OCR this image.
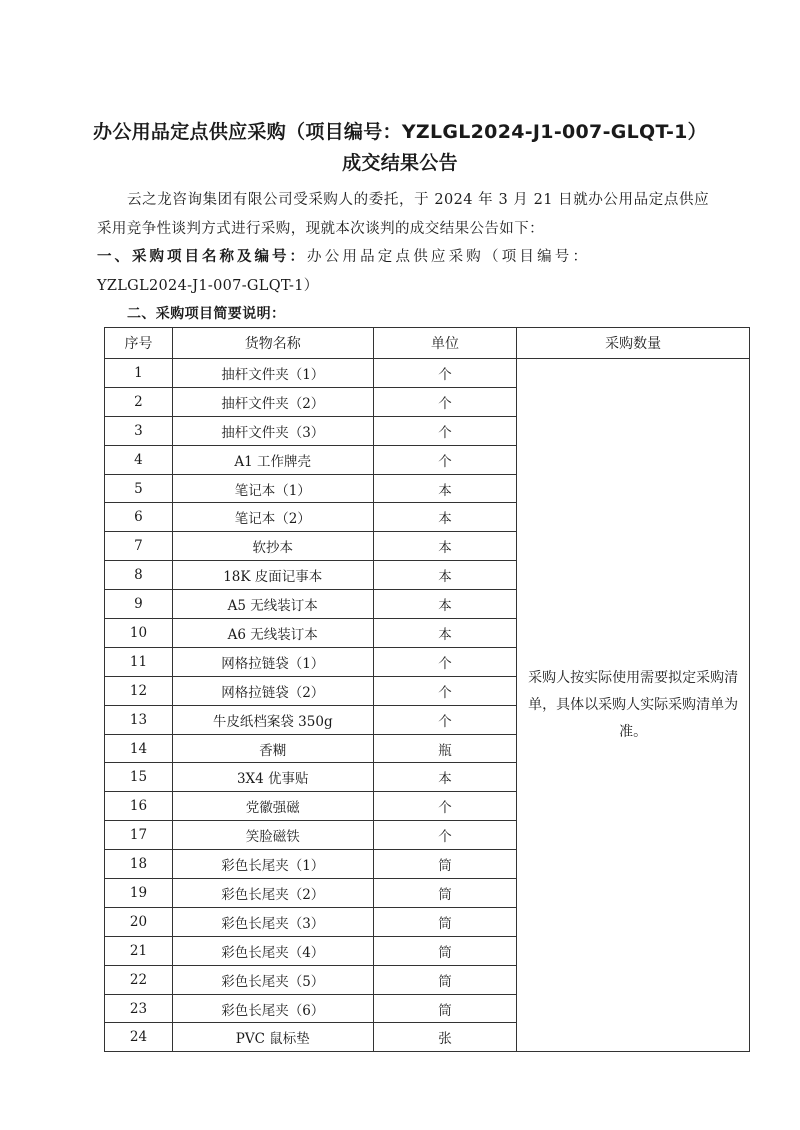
办公用品定点供应采购（项目编号：YZLGL2024-J1-007-GLQT-1）
成交结果公告

云之龙咨询集团有限公司受采购人的委托，于 2024 年 3 月 21 日就办公用品定点供应采用竞争性谈判方式进行采购，现就本次谈判的成交结果公告如下：

一、采购项目名称及编号：办公用品定点供应采购（项目编号：
YZLGL2024-J1-007-GLQT-1）

二、采购项目简要说明：

序号	货物名称	单位	采购数量
1	抽杆文件夹（1）	个	采购人按实际使用需要拟定采购清单，具体以采购人实际采购清单为准。
2	抽杆文件夹（2）	个	
3	抽杆文件夹（3）	个	
4	A1 工作牌壳	个	
5	笔记本（1）	本	
6	笔记本（2）	本	
7	软抄本	本	
8	18K 皮面记事本	本	
9	A5 无线装订本	本	
10	A6 无线装订本	本	
11	网格拉链袋（1）	个	
12	网格拉链袋（2）	个	
13	牛皮纸档案袋 350g	个	
14	香糊	瓶	
15	3X4 优事贴	本	
16	党徽强磁	个	
17	笑脸磁铁	个	
18	彩色长尾夹（1）	筒	
19	彩色长尾夹（2）	筒	
20	彩色长尾夹（3）	筒	
21	彩色长尾夹（4）	筒	
22	彩色长尾夹（5）	筒	
23	彩色长尾夹（6）	筒	
24	PVC 鼠标垫	张	
